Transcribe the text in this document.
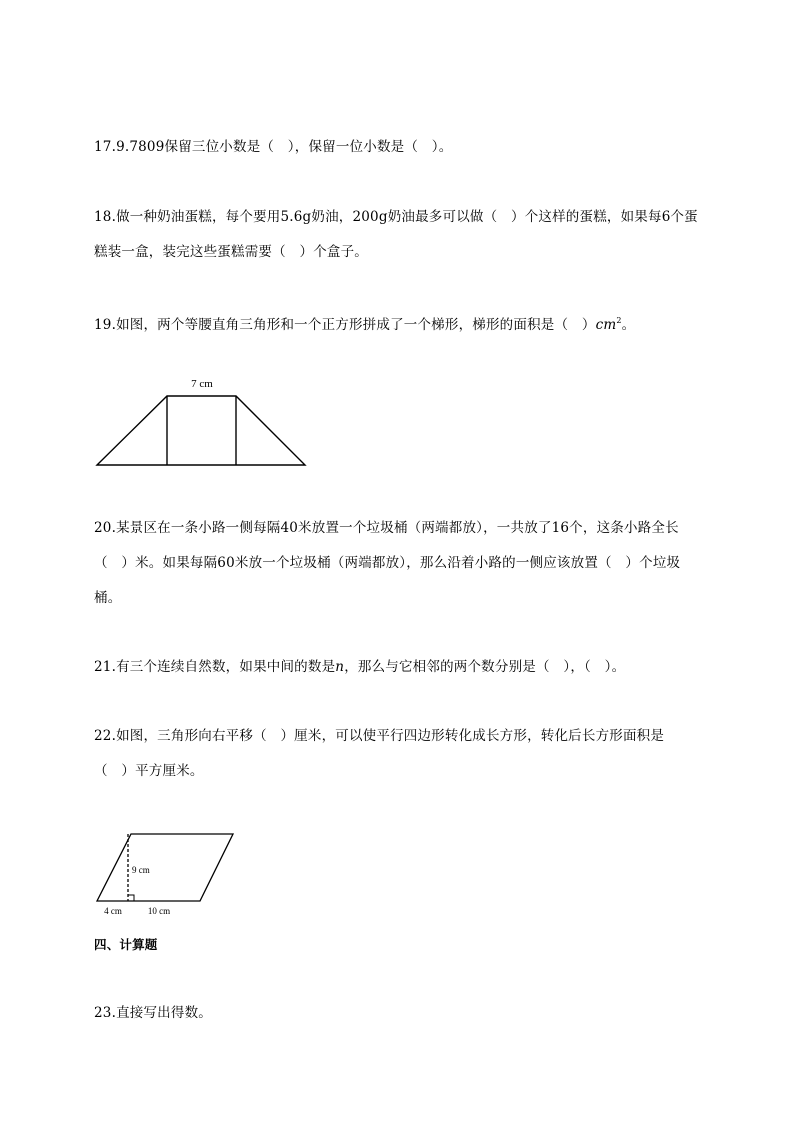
17.9.7809保留三位小数是（　），保留一位小数是（　）。
18.做一种奶油蛋糕，每个要用5.6g奶油，200g奶油最多可以做（　）个这样的蛋糕，如果每6个蛋
糕装一盒，装完这些蛋糕需要（　）个盒子。
19.如图，两个等腰直角三角形和一个正方形拼成了一个梯形，梯形的面积是（　）$cm^2$。
7 cm
20.某景区在一条小路一侧每隔40米放置一个垃圾桶（两端都放），一共放了16个，这条小路全长
（　）米。如果每隔60米放一个垃圾桶（两端都放），那么沿着小路的一侧应该放置（　）个垃圾
桶。
21.有三个连续自然数，如果中间的数是n，那么与它相邻的两个数分别是（　），（　）。
22.如图，三角形向右平移（　）厘米，可以使平行四边形转化成长方形，转化后长方形面积是
（　）平方厘米。
9 cm
4 cm	10 cm
四、计算题
23.直接写出得数。
